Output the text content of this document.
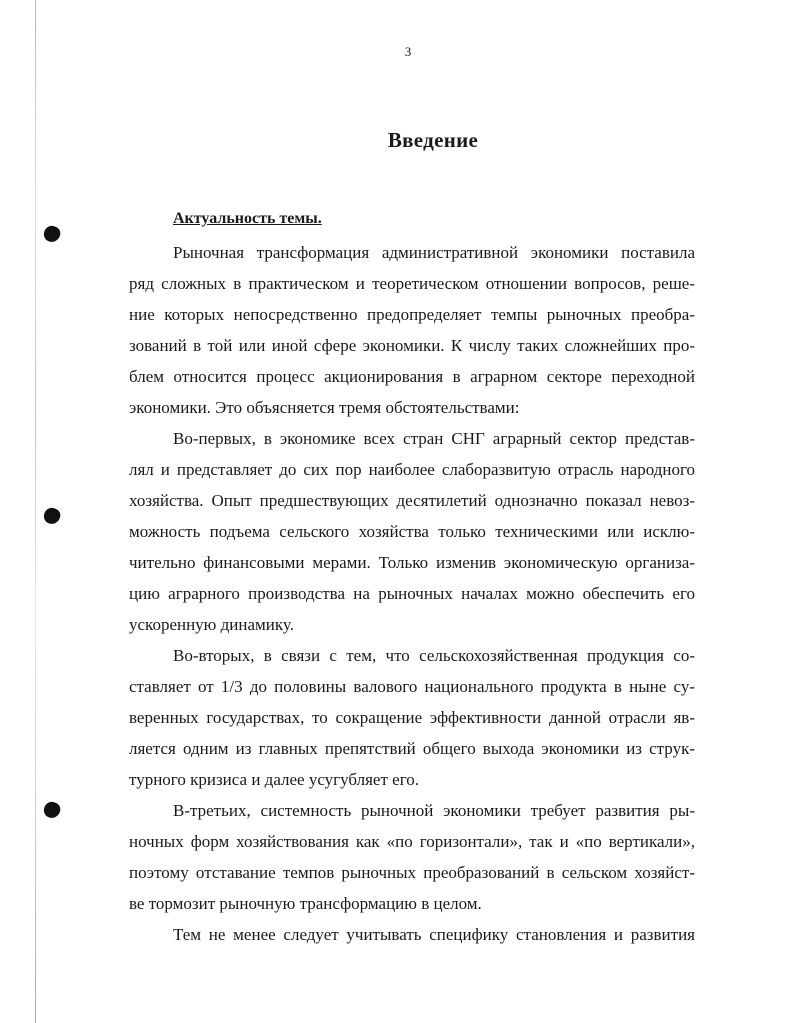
3
Введение
Актуальность темы.
Рыночная трансформация административной экономики поставила
ряд сложных в практическом и теоретическом отношении вопросов, реше-
ние которых непосредственно предопределяет темпы рыночных преобра-
зований в той или иной сфере экономики. К числу таких сложнейших про-
блем относится процесс акционирования в аграрном секторе переходной
экономики. Это объясняется тремя обстоятельствами:
Во-первых, в экономике всех стран СНГ аграрный сектор представ-
лял и представляет до сих пор наиболее слаборазвитую отрасль народного
хозяйства. Опыт предшествующих десятилетий однозначно показал невоз-
можность подъема сельского хозяйства только техническими или исклю-
чительно финансовыми мерами. Только изменив экономическую организа-
цию аграрного производства на рыночных началах можно обеспечить его
ускоренную динамику.
Во-вторых, в связи с тем, что сельскохозяйственная продукция со-
ставляет от 1/3 до половины валового национального продукта в ныне су-
веренных государствах, то сокращение эффективности данной отрасли яв-
ляется одним из главных препятствий общего выхода экономики из струк-
турного кризиса и далее усугубляет его.
В-третьих, системность рыночной экономики требует развития ры-
ночных форм хозяйствования как «по горизонтали», так и «по вертикали»,
поэтому отставание темпов рыночных преобразований в сельском хозяйст-
ве тормозит рыночную трансформацию в целом.
Тем не менее следует учитывать специфику становления и развития
